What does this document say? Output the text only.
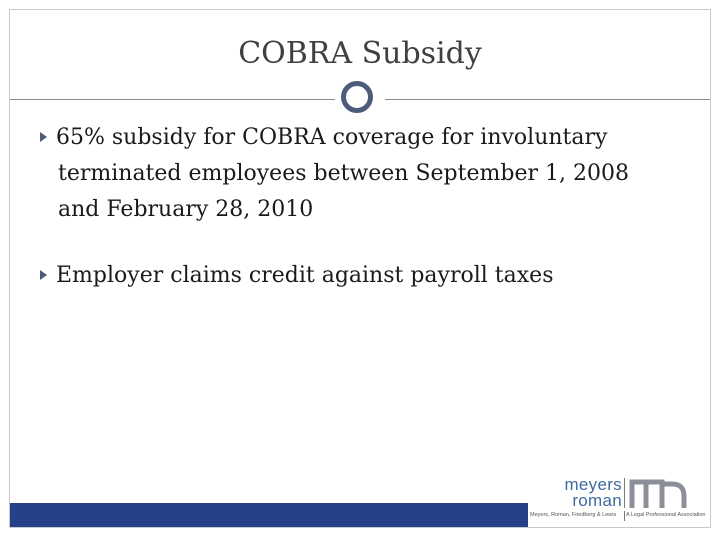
COBRA Subsidy
65% subsidy for COBRA coverage for involuntary terminated employees between September 1, 2008 and February 28, 2010
Employer claims credit against payroll taxes
meyers
roman
Meyers, Roman, Friedberg & Lewis A Legal Professional Association
